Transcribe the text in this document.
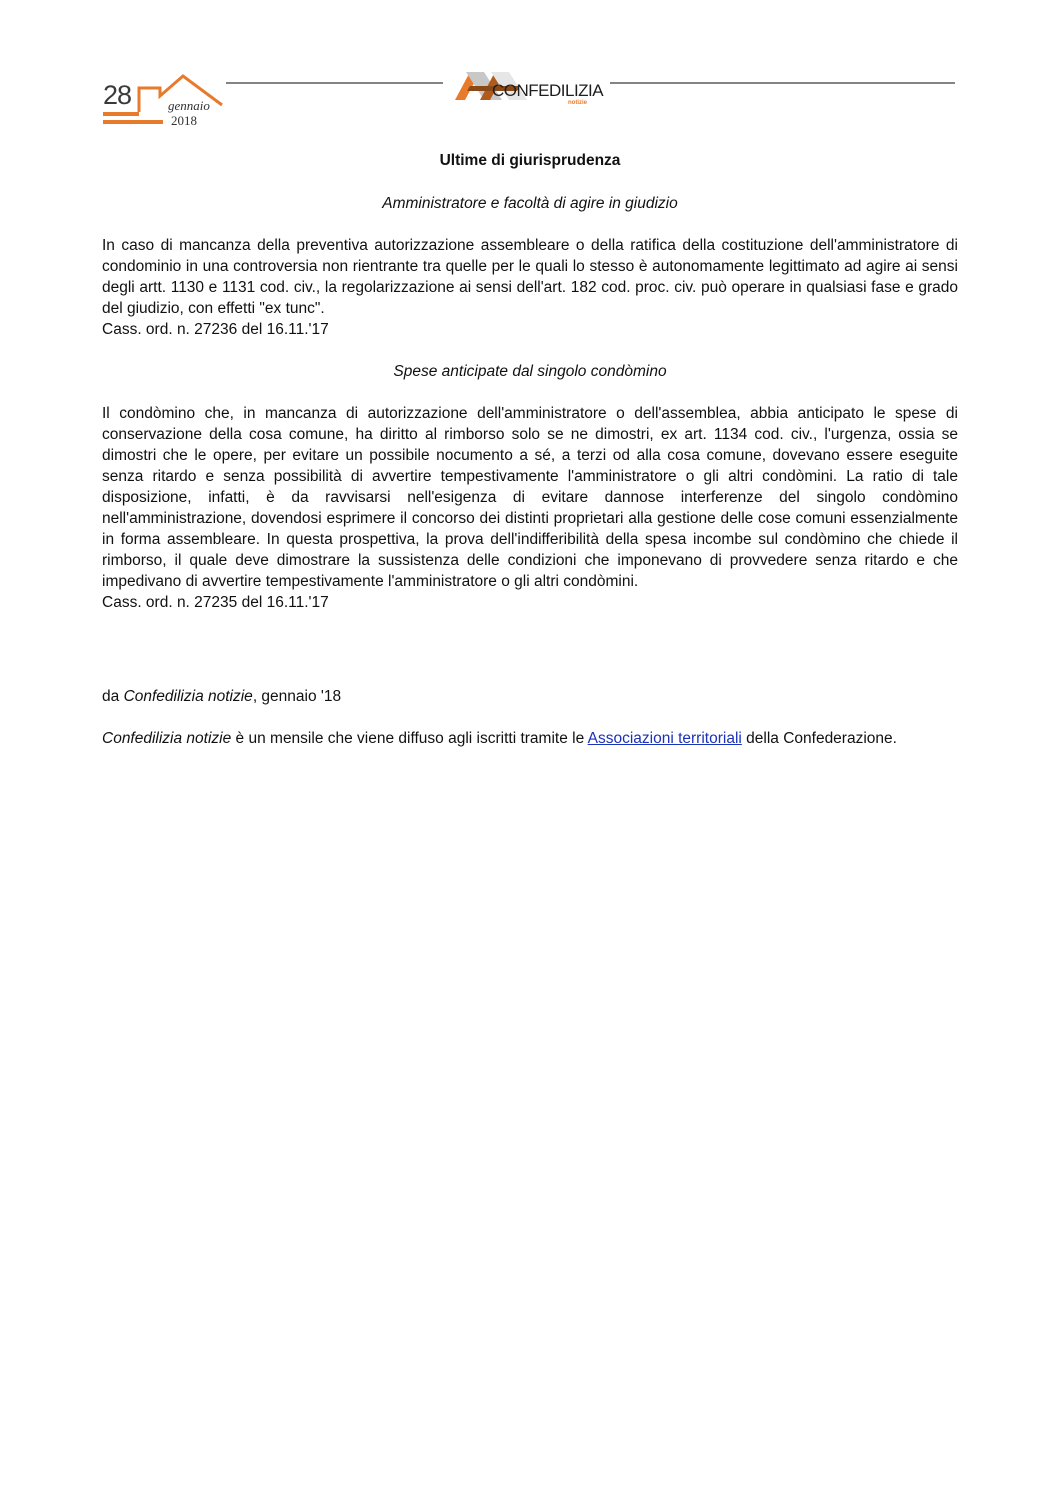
28	gennaio
2018
CONFEDILIZIA
notizie

Ultime di giurisprudenza

Amministratore e facoltà di agire in giudizio

In caso di mancanza della preventiva autorizzazione assembleare o della ratifica della costituzione dell'amministratore di condominio in una controversia non rientrante tra quelle per le quali lo stesso è autonomamente legittimato ad agire ai sensi degli artt. 1130 e 1131 cod. civ., la regolarizzazione ai sensi dell'art. 182 cod. proc. civ. può operare in qualsiasi fase e grado del giudizio, con effetti "ex tunc".

Cass. ord. n. 27236 del 16.11.'17

Spese anticipate dal singolo condòmino

Il condòmino che, in mancanza di autorizzazione dell'amministratore o dell'assemblea, abbia anticipato le spese di conservazione della cosa comune, ha diritto al rimborso solo se ne dimostri, ex art. 1134 cod. civ., l'urgenza, ossia se dimostri che le opere, per evitare un possibile nocumento a sé, a terzi od alla cosa comune, dovevano essere eseguite senza ritardo e senza possibilità di avvertire tempestivamente l'amministratore o gli altri condòmini. La ratio di tale disposizione, infatti, è da ravvisarsi nell'esigenza di evitare dannose interferenze del singolo condòmino nell'amministrazione, dovendosi esprimere il concorso dei distinti proprietari alla gestione delle cose comuni essenzialmente in forma assembleare. In questa prospettiva, la prova dell'indifferibilità della spesa incombe sul condòmino che chiede il rimborso, il quale deve dimostrare la sussistenza delle condizioni che imponevano di provvedere senza ritardo e che impedivano di avvertire tempestivamente l'amministratore o gli altri condòmini.

Cass. ord. n. 27235 del 16.11.'17

da Confedilizia notizie, gennaio '18

Confedilizia notizie è un mensile che viene diffuso agli iscritti tramite le Associazioni territoriali della Confederazione.
